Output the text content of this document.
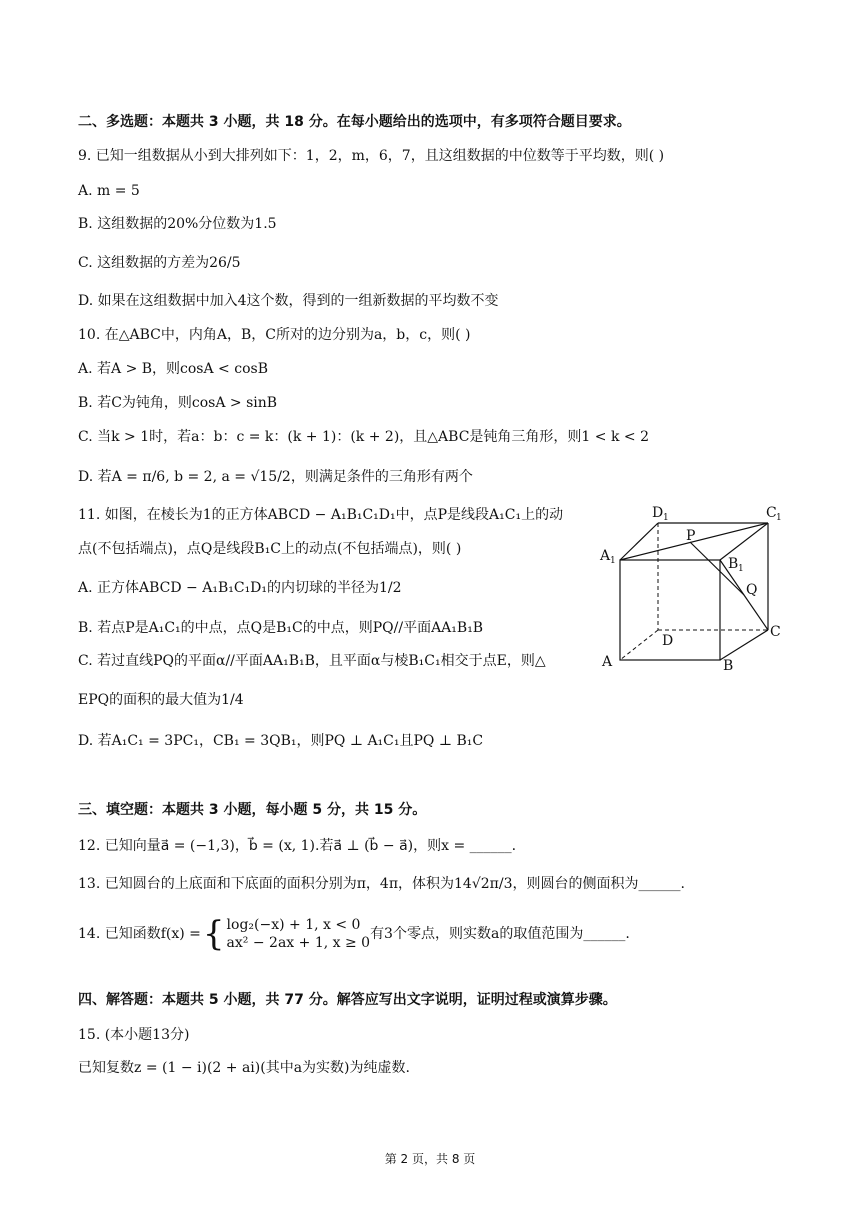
二、多选题：本题共 3 小题，共 18 分。在每小题给出的选项中，有多项符合题目要求。
9. 已知一组数据从小到大排列如下：1，2，m，6，7，且这组数据的中位数等于平均数，则( )
A. m = 5
B. 这组数据的20%分位数为1.5
C. 这组数据的方差为26/5
D. 如果在这组数据中加入4这个数，得到的一组新数据的平均数不变
10. 在△ABC中，内角A，B，C所对的边分别为a，b，c，则( )
A. 若A > B，则cosA < cosB
B. 若C为钝角，则cosA > sinB
C. 当k > 1时，若a：b：c = k：(k + 1)：(k + 2)，且△ABC是钝角三角形，则1 < k < 2
D. 若A = π/6, b = 2, a = √15/2，则满足条件的三角形有两个
11. 如图，在棱长为1的正方体ABCD − A₁B₁C₁D₁中，点P是线段A₁C₁上的动
点(不包括端点)，点Q是线段B₁C上的动点(不包括端点)，则( )
A. 正方体ABCD − A₁B₁C₁D₁的内切球的半径为1/2
B. 若点P是A₁C₁的中点，点Q是B₁C的中点，则PQ//平面AA₁B₁B
C. 若过直线PQ的平面α//平面AA₁B₁B，且平面α与棱B₁C₁相交于点E，则△
EPQ的面积的最大值为1/4
D. 若A₁C₁ = 3PC₁，CB₁ = 3QB₁，则PQ ⊥ A₁C₁且PQ ⊥ B₁C
D 1	C 1
A 1	B 1
P
Q
A	B
C
D
三、填空题：本题共 3 小题，每小题 5 分，共 15 分。
12. 已知向量a⃗ = (−1,3)，b⃗ = (x, 1).若a⃗ ⊥ (b⃗ − a⃗)，则x = ______.
13. 已知圆台的上底面和下底面的面积分别为π，4π，体积为14√2π/3，则圆台的侧面积为______.
14. 已知函数f(x) = { log₂(−x) + 1, x < 0
ax² − 2ax + 1, x ≥ 0
有3个零点，则实数a的取值范围为______.
四、解答题：本题共 5 小题，共 77 分。解答应写出文字说明，证明过程或演算步骤。
15. (本小题13分)
已知复数z = (1 − i)(2 + ai)(其中a为实数)为纯虚数.
第 2 页，共 8 页
